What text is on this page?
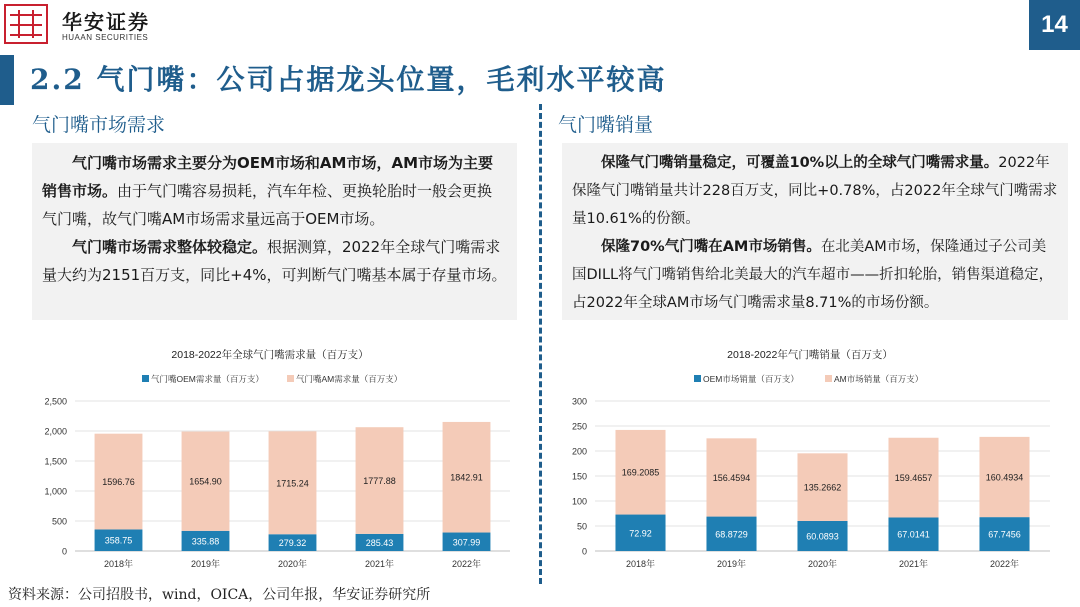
华安证券
HUAAN SECURITIES	14
2.2 气门嘴：公司占据龙头位置，毛利水平较高
气门嘴市场需求

气门嘴市场需求主要分为OEM市场和AM市场，AM市场为主要销售市场。由于气门嘴容易损耗，汽车年检、更换轮胎时一般会更换气门嘴，故气门嘴AM市场需求量远高于OEM市场。

气门嘴市场需求整体较稳定。根据测算，2022年全球气门嘴需求量大约为2151百万支，同比+4%，可判断气门嘴基本属于存量市场。

气门嘴销量

保隆气门嘴销量稳定，可覆盖10%以上的全球气门嘴需求量。2022年保隆气门嘴销量共计228百万支，同比+0.78%，占2022年全球气门嘴需求量10.61%的份额。

保隆70%气门嘴在AM市场销售。在北美AM市场，保隆通过子公司美国DILL将气门嘴销售给北美最大的汽车超市——折扣轮胎，销售渠道稳定，占2022年全球AM市场气门嘴需求量8.71%的市场份额。

2018-2022年全球气门嘴需求量（百万支）
气门嘴OEM需求量（百万支）	气门嘴AM需求量（百万支）
0
500
1,000
1,500
2,000
2,500
358.75
1596.76
2018年
335.88
1654.90
2019年
279.32
1715.24
2020年
285.43
1777.88
2021年
307.99
1842.91
2022年
2018-2022年气门嘴销量（百万支）
OEM市场销量（百万支）	AM市场销量（百万支）
0
50
100
150
200
250
300
72.92
169.2085
2018年
68.8729
156.4594
2019年
60.0893
135.2662
2020年
67.0141
159.4657
2021年
67.7456
160.4934
2022年
资料来源：公司招股书，wind，OICA，公司年报，华安证券研究所
